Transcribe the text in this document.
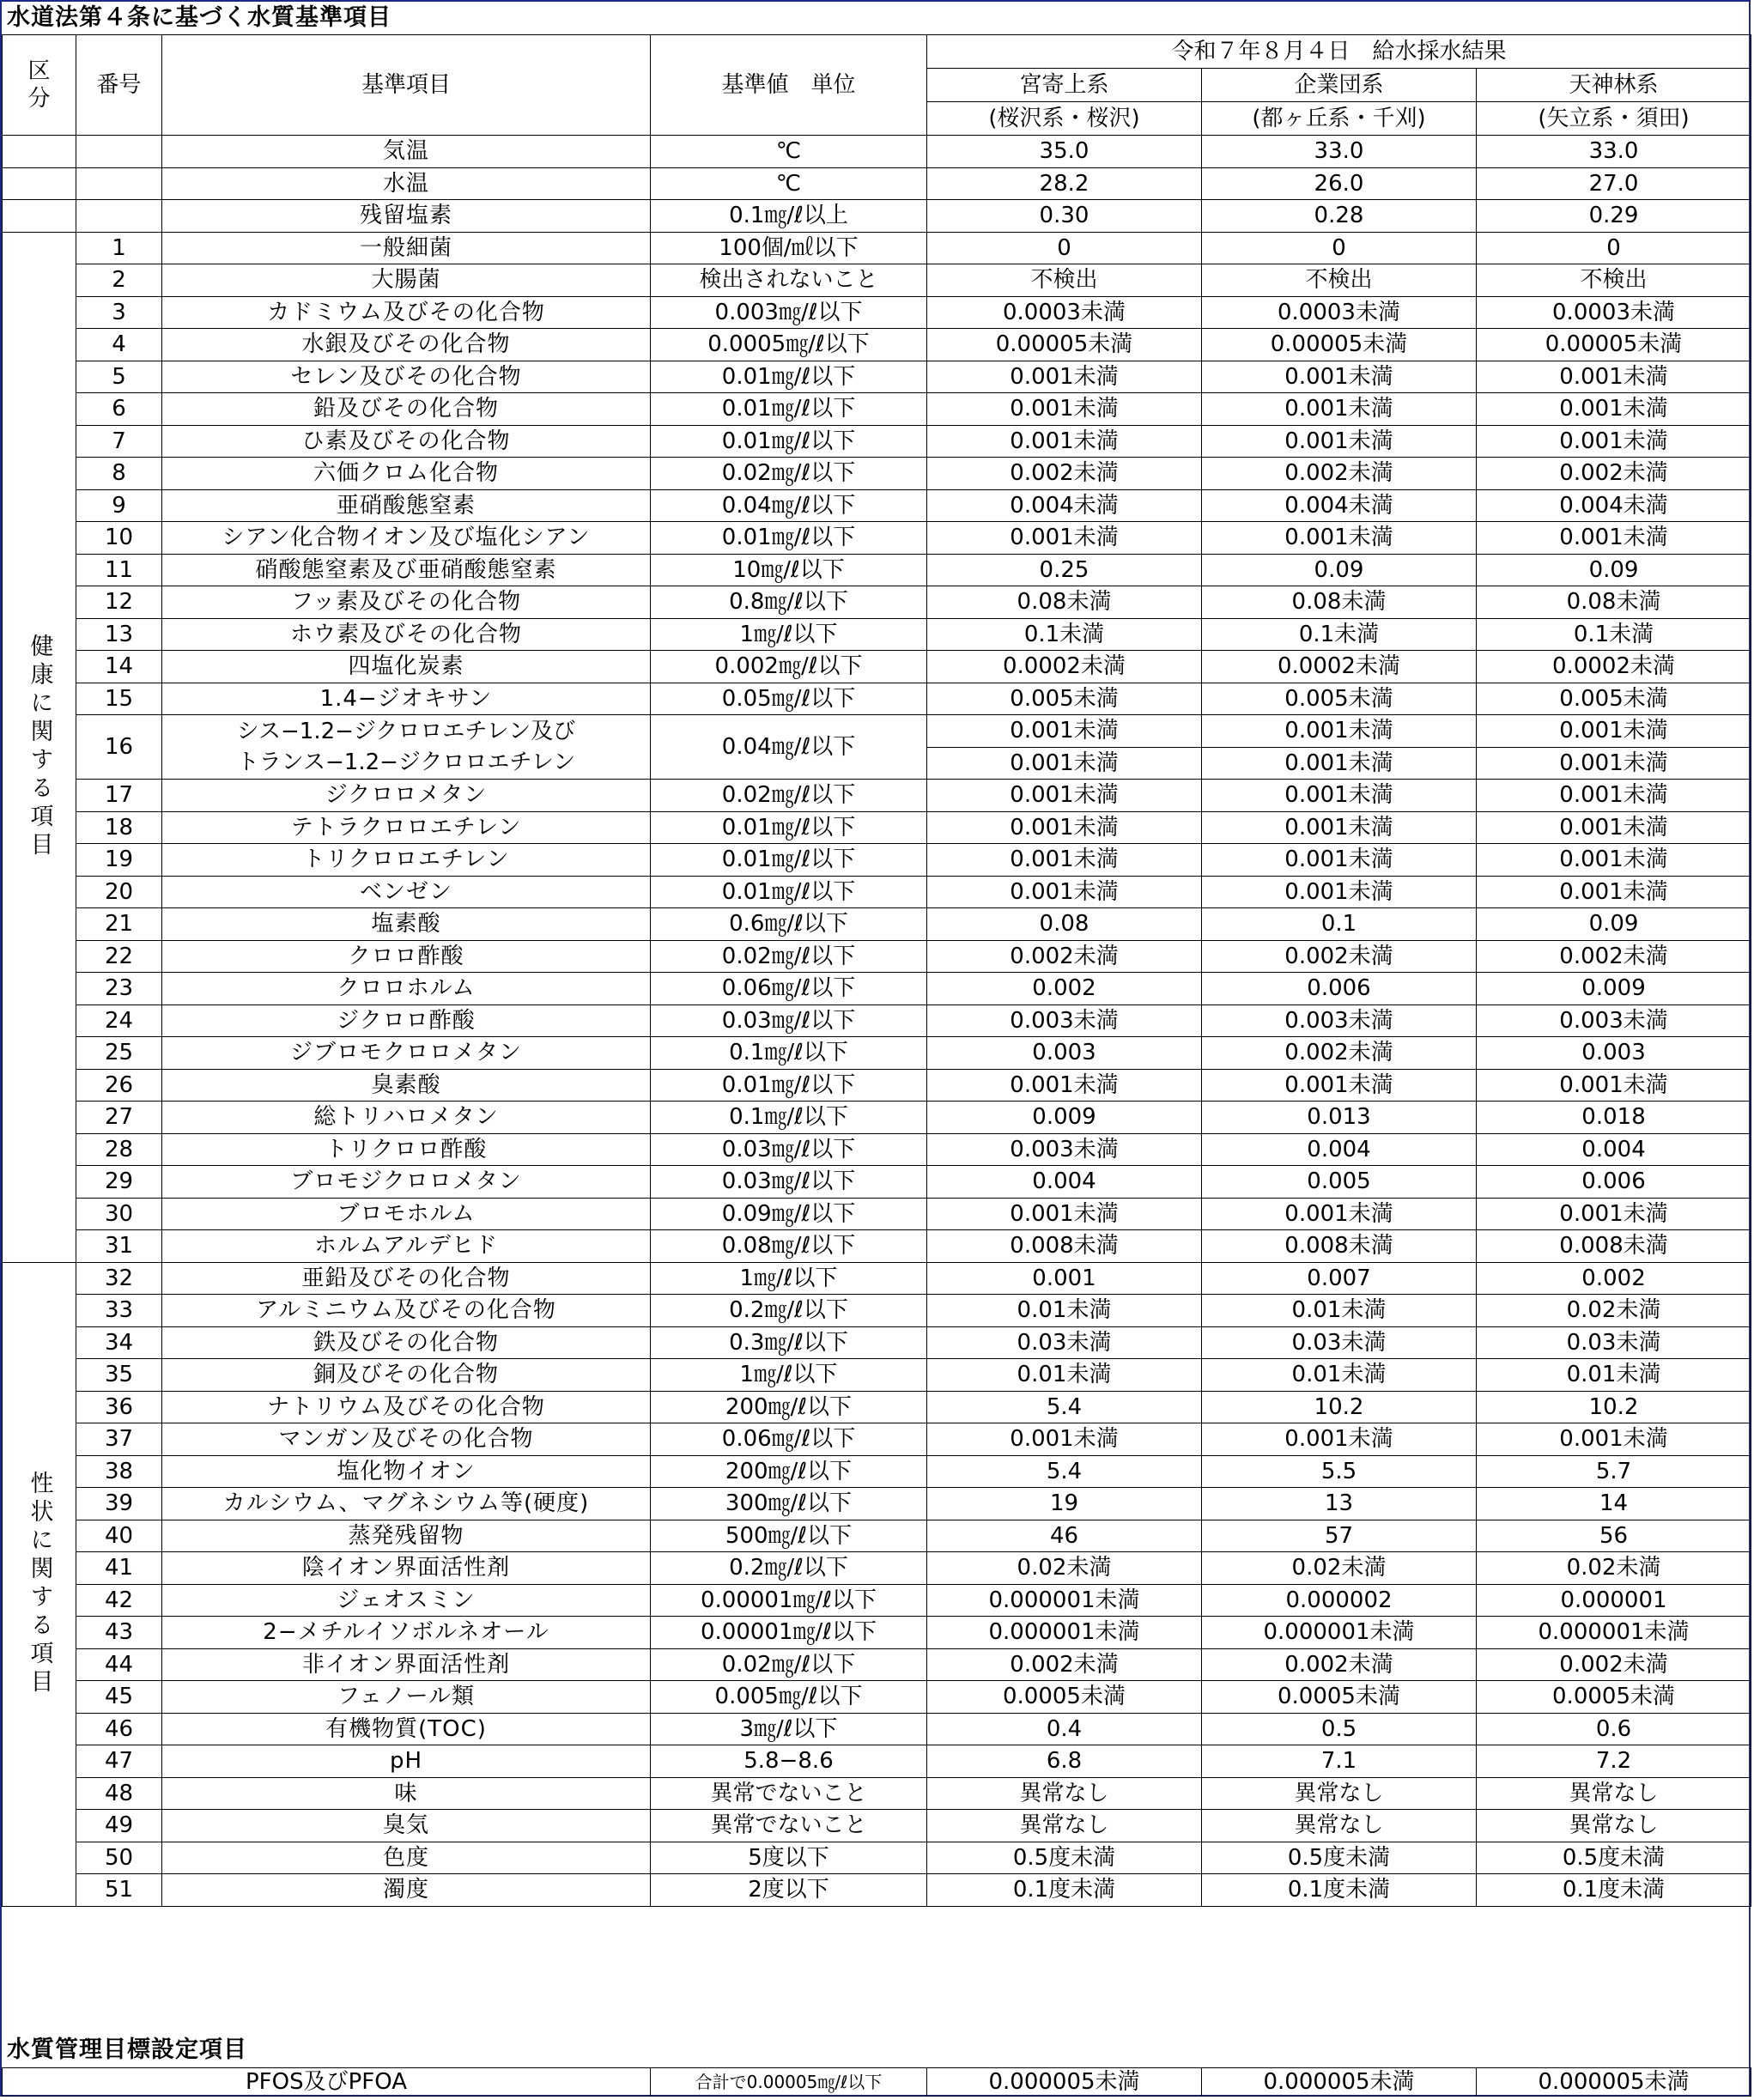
水道法第４条に基づく水質基準項目
区分	番号	基準項目	基準値　単位	令和７年８月４日　給水採水結果		
				宮寄上系	企業団系	天神林系
				(桜沢系・桜沢)	(都ヶ丘系・千刈)	(矢立系・須田)
		気温	℃	35.0	33.0	33.0
		水温	℃	28.2	26.0	27.0
		残留塩素	0.1㎎/ℓ以上	0.30	0.28	0.29
健康に関する項目	1	一般細菌	100個/㎖以下	0	0	0
	2	大腸菌	検出されないこと	不検出	不検出	不検出
	3	カドミウム及びその化合物	0.003㎎/ℓ以下	0.0003未満	0.0003未満	0.0003未満
	4	水銀及びその化合物	0.0005㎎/ℓ以下	0.00005未満	0.00005未満	0.00005未満
	5	セレン及びその化合物	0.01㎎/ℓ以下	0.001未満	0.001未満	0.001未満
	6	鉛及びその化合物	0.01㎎/ℓ以下	0.001未満	0.001未満	0.001未満
	7	ひ素及びその化合物	0.01㎎/ℓ以下	0.001未満	0.001未満	0.001未満
	8	六価クロム化合物	0.02㎎/ℓ以下	0.002未満	0.002未満	0.002未満
	9	亜硝酸態窒素	0.04㎎/ℓ以下	0.004未満	0.004未満	0.004未満
	10	シアン化合物イオン及び塩化シアン	0.01㎎/ℓ以下	0.001未満	0.001未満	0.001未満
	11	硝酸態窒素及び亜硝酸態窒素	10㎎/ℓ以下	0.25	0.09	0.09
	12	フッ素及びその化合物	0.8㎎/ℓ以下	0.08未満	0.08未満	0.08未満
	13	ホウ素及びその化合物	1㎎/ℓ以下	0.1未満	0.1未満	0.1未満
	14	四塩化炭素	0.002㎎/ℓ以下	0.0002未満	0.0002未満	0.0002未満
	15	1.4−ジオキサン	0.05㎎/ℓ以下	0.005未満	0.005未満	0.005未満
	16	シス−1.2−ジクロロエチレン及び
トランス−1.2−ジクロロエチレン	0.04㎎/ℓ以下	0.001未満	0.001未満	0.001未満
				0.001未満	0.001未満	0.001未満
	17	ジクロロメタン	0.02㎎/ℓ以下	0.001未満	0.001未満	0.001未満
	18	テトラクロロエチレン	0.01㎎/ℓ以下	0.001未満	0.001未満	0.001未満
	19	トリクロロエチレン	0.01㎎/ℓ以下	0.001未満	0.001未満	0.001未満
	20	ベンゼン	0.01㎎/ℓ以下	0.001未満	0.001未満	0.001未満
	21	塩素酸	0.6㎎/ℓ以下	0.08	0.1	0.09
	22	クロロ酢酸	0.02㎎/ℓ以下	0.002未満	0.002未満	0.002未満
	23	クロロホルム	0.06㎎/ℓ以下	0.002	0.006	0.009
	24	ジクロロ酢酸	0.03㎎/ℓ以下	0.003未満	0.003未満	0.003未満
	25	ジブロモクロロメタン	0.1㎎/ℓ以下	0.003	0.002未満	0.003
	26	臭素酸	0.01㎎/ℓ以下	0.001未満	0.001未満	0.001未満
	27	総トリハロメタン	0.1㎎/ℓ以下	0.009	0.013	0.018
	28	トリクロロ酢酸	0.03㎎/ℓ以下	0.003未満	0.004	0.004
	29	ブロモジクロロメタン	0.03㎎/ℓ以下	0.004	0.005	0.006
	30	ブロモホルム	0.09㎎/ℓ以下	0.001未満	0.001未満	0.001未満
	31	ホルムアルデヒド	0.08㎎/ℓ以下	0.008未満	0.008未満	0.008未満
性状に関する項目	32	亜鉛及びその化合物	1㎎/ℓ以下	0.001	0.007	0.002
	33	アルミニウム及びその化合物	0.2㎎/ℓ以下	0.01未満	0.01未満	0.02未満
	34	鉄及びその化合物	0.3㎎/ℓ以下	0.03未満	0.03未満	0.03未満
	35	銅及びその化合物	1㎎/ℓ以下	0.01未満	0.01未満	0.01未満
	36	ナトリウム及びその化合物	200㎎/ℓ以下	5.4	10.2	10.2
	37	マンガン及びその化合物	0.06㎎/ℓ以下	0.001未満	0.001未満	0.001未満
	38	塩化物イオン	200㎎/ℓ以下	5.4	5.5	5.7
	39	カルシウム、マグネシウム等(硬度)	300㎎/ℓ以下	19	13	14
	40	蒸発残留物	500㎎/ℓ以下	46	57	56
	41	陰イオン界面活性剤	0.2㎎/ℓ以下	0.02未満	0.02未満	0.02未満
	42	ジェオスミン	0.00001㎎/ℓ以下	0.000001未満	0.000002	0.000001
	43	2−メチルイソボルネオール	0.00001㎎/ℓ以下	0.000001未満	0.000001未満	0.000001未満
	44	非イオン界面活性剤	0.02㎎/ℓ以下	0.002未満	0.002未満	0.002未満
	45	フェノール類	0.005㎎/ℓ以下	0.0005未満	0.0005未満	0.0005未満
	46	有機物質(TOC)	3㎎/ℓ以下	0.4	0.5	0.6
	47	pH	5.8−8.6	6.8	7.1	7.2
	48	味	異常でないこと	異常なし	異常なし	異常なし
	49	臭気	異常でないこと	異常なし	異常なし	異常なし
	50	色度	5度以下	0.5度未満	0.5度未満	0.5度未満
	51	濁度	2度以下	0.1度未満	0.1度未満	0.1度未満
水質管理目標設定項目
PFOS及びPFOA	合計で0.00005㎎/ℓ以下	0.000005未満	0.000005未満	0.000005未満
